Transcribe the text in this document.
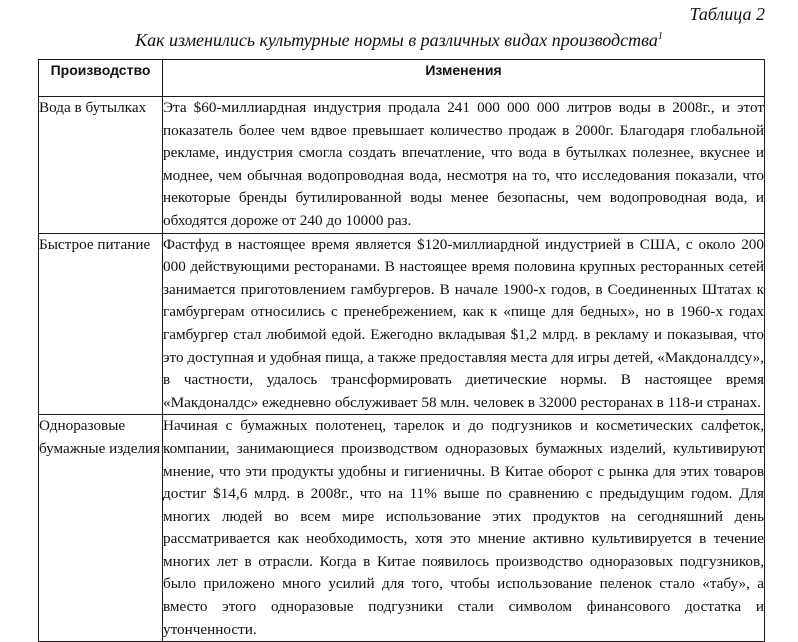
Таблица 2
Как изменились культурные нормы в различных видах производства$^1$
Производство	Изменения
Вода в бутылках	Эта $60-миллиардная индустрия продала 241 000 000 000 литров воды в 2008г., и этот показатель более чем вдвое превышает количество продаж в 2000г. Благодаря глобальной рекламе, индустрия смогла создать впечатление, что вода в бутылках полезнее, вкуснее и моднее, чем обычная водопроводная вода, несмотря на то, что исследования показали, что некоторые бренды бутилированной воды менее безопасны, чем водопроводная вода, и обходятся дороже от 240 до 10000 раз.
Быстрое питание	Фастфуд в настоящее время является $120-миллиардной индустрией в США, с около 200 000 действующими ресторанами. В настоящее время половина крупных ресторанных сетей занимается приготовлением гамбургеров. В начале 1900-х годов, в Соединенных Штатах к гамбургерам относились с пренебрежением, как к «пище для бедных», но в 1960-х годах гамбургер стал любимой едой. Ежегодно вкладывая $1,2 млрд. в рекламу и показывая, что это доступная и удобная пища, а также предоставляя места для игры детей, «Макдоналдсу», в частности, удалось трансформировать диетические нормы. В настоящее время «Макдоналдс» ежедневно обслуживает 58 млн. человек в 32000 ресторанах в 118-и странах.
Одноразовые бумажные изделия	Начиная с бумажных полотенец, тарелок и до подгузников и косметических салфеток, компании, занимающиеся производством одноразовых бумажных изделий, культивируют мнение, что эти продукты удобны и гигиеничны. В Китае оборот с рынка для этих товаров достиг $14,6 млрд. в 2008г., что на 11% выше по сравнению с предыдущим годом. Для многих людей во всем мире использование этих продуктов на сегодняшний день рассматривается как необходимость, хотя это мнение активно культивируется в течение многих лет в отрасли. Когда в Китае появилось производство одноразовых подгузников, было приложено много усилий для того, чтобы использование пеленок стало «табу», а вместо этого одноразовые подгузники стали символом финансового достатка и утонченности.
